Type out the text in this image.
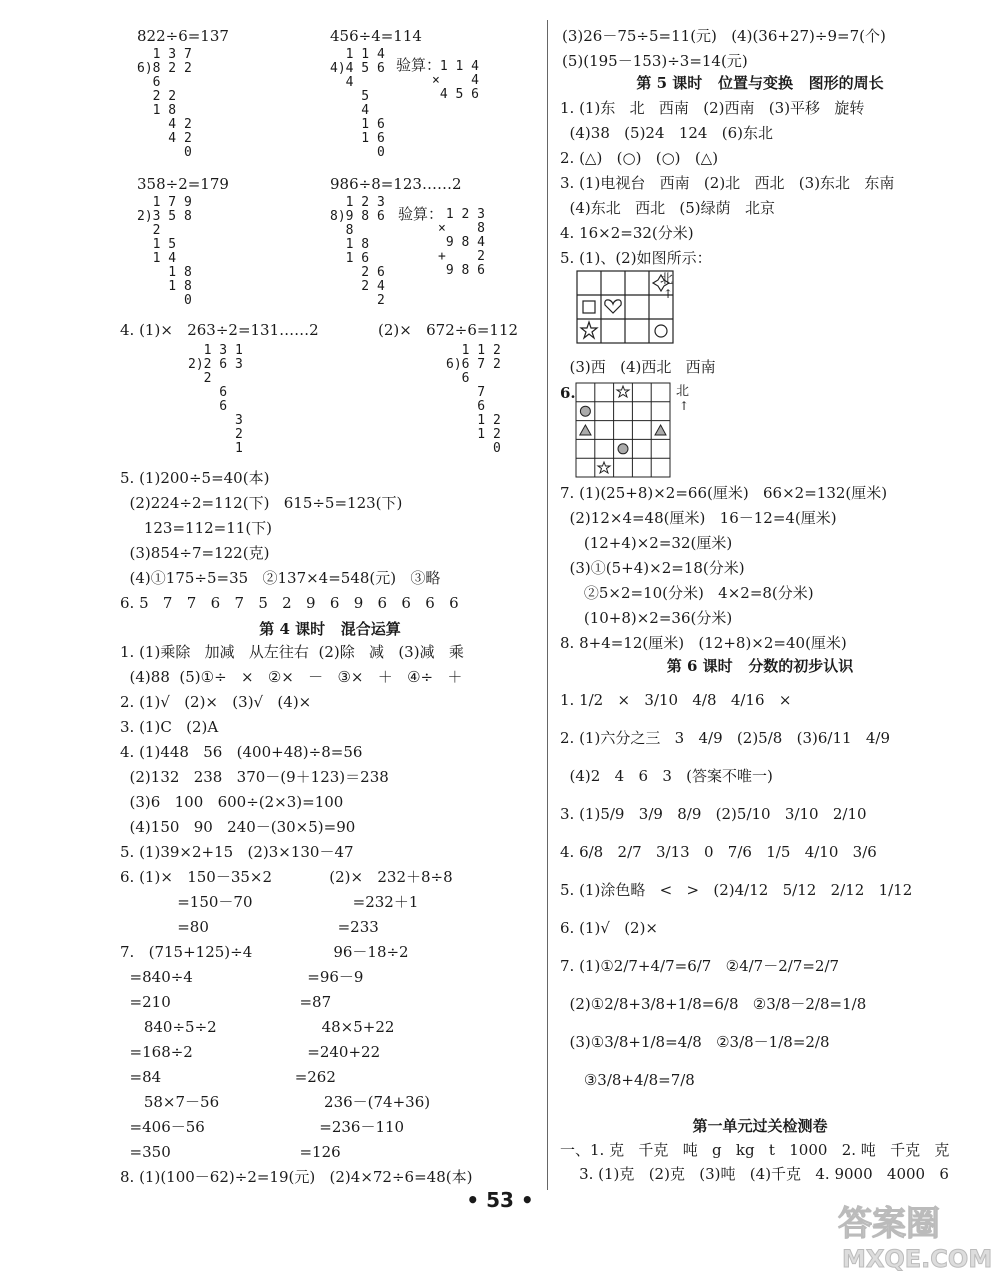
822÷6=137
1 3 7
6)8 2 2
6
2 2
1 8
4 2
4 2
0
456÷4=114
1 1 4
4)4 5 6
4
5
4
1 6
1 6
0
验算：
1 1 4
×    4
4 5 6
358÷2=179
1 7 9
2)3 5 8
2
1 5
1 4
1 8
1 8
0
986÷8=123……2
1 2 3
8)9 8 6
8
1 8
1 6
2 6
2 4
2
验算： 1 2 3
×    8
9 8 4
+    2
9 8 6
4. (1)×   263÷2=131……2	(2)×   672÷6=112
1 3 1
2)2 6 3
2
6
6
3
2
1
1 1 2
6)6 7 2
6
7
6
1 2
1 2
0
5. (1)200÷5=40(本)
(2)224÷2=112(下)   615÷5=123(下)
123=112=11(下)
(3)854÷7=122(克)
(4)①175÷5=35   ②137×4=548(元)   ③略
6. 5   7   7   6   7   5   2   9   6   9   6   6   6   6
第 4 课时   混合运算
1. (1)乘除   加减   从左往右  (2)除   减   (3)减   乘
(4)88  (5)①÷   ×   ②×   －   ③×   ＋   ④÷   ＋
2. (1)√   (2)×   (3)√   (4)×
3. (1)C   (2)A
4. (1)448   56   (400+48)÷8=56
(2)132   238   370－(9＋123)＝238
(3)6   100   600÷(2×3)=100
(4)150   90   240－(30×5)=90
5. (1)39×2+15   (2)3×130－47
6. (1)×   150－35×2            (2)×   232＋8÷8
=150－70                     =232＋1
=80                           =233
7.   (715+125)÷4                 96－18÷2
=840÷4                        =96－9
=210                           =87
840÷5÷2                      48×5+22
=168÷2                        =240+22
=84                            =262
58×7－56                      236－(74+36)
=406－56                        =236－110
=350                           =126
8. (1)(100－62)÷2=19(元)   (2)4×72÷6=48(本)
(3)26－75÷5=11(元)   (4)(36+27)÷9=7(个)
(5)(195－153)÷3=14(元)
第 5 课时   位置与变换   图形的周长
1. (1)东   北   西南   (2)西南   (3)平移   旋转
(4)38   (5)24   124   (6)东北
2. (△)   (○)   (○)   (△)
3. (1)电视台   西南   (2)北   西北   (3)东北   东南
(4)东北   西北   (5)绿荫   北京
4. 16×2=32(分米)
5. (1)、(2)如图所示：
北
↑
(3)西   (4)西北   西南
6.	北
↑
7. (1)(25+8)×2=66(厘米)   66×2=132(厘米)
(2)12×4=48(厘米)   16－12=4(厘米)
(12+4)×2=32(厘米)
(3)①(5+4)×2=18(分米)
②5×2=10(分米)   4×2=8(分米)
(10+8)×2=36(分米)
8. 8+4=12(厘米)   (12+8)×2=40(厘米)
第 6 课时   分数的初步认识
1. 1/2   ×   3/10   4/8   4/16   ×
2. (1)六分之三   3   4/9   (2)5/8   (3)6/11   4/9
(4)2   4   6   3   (答案不唯一)
3. (1)5/9   3/9   8/9   (2)5/10   3/10   2/10
4. 6/8   2/7   3/13   0   7/6   1/5   4/10   3/6
5. (1)涂色略   <   >   (2)4/12   5/12   2/12   1/12
6. (1)√   (2)×
7. (1)①2/7+4/7=6/7   ②4/7－2/7=2/7
(2)①2/8+3/8+1/8=6/8   ②3/8－2/8=1/8
(3)①3/8+1/8=4/8   ②3/8－1/8=2/8
③3/8+4/8=7/8
第一单元过关检测卷
一、1. 克   千克   吨   g   kg   t   1000   2. 吨   千克   克
3. (1)克   (2)克   (3)吨   (4)千克   4. 9000   4000   6
• 53 •
答案圈
MXQE.COM
